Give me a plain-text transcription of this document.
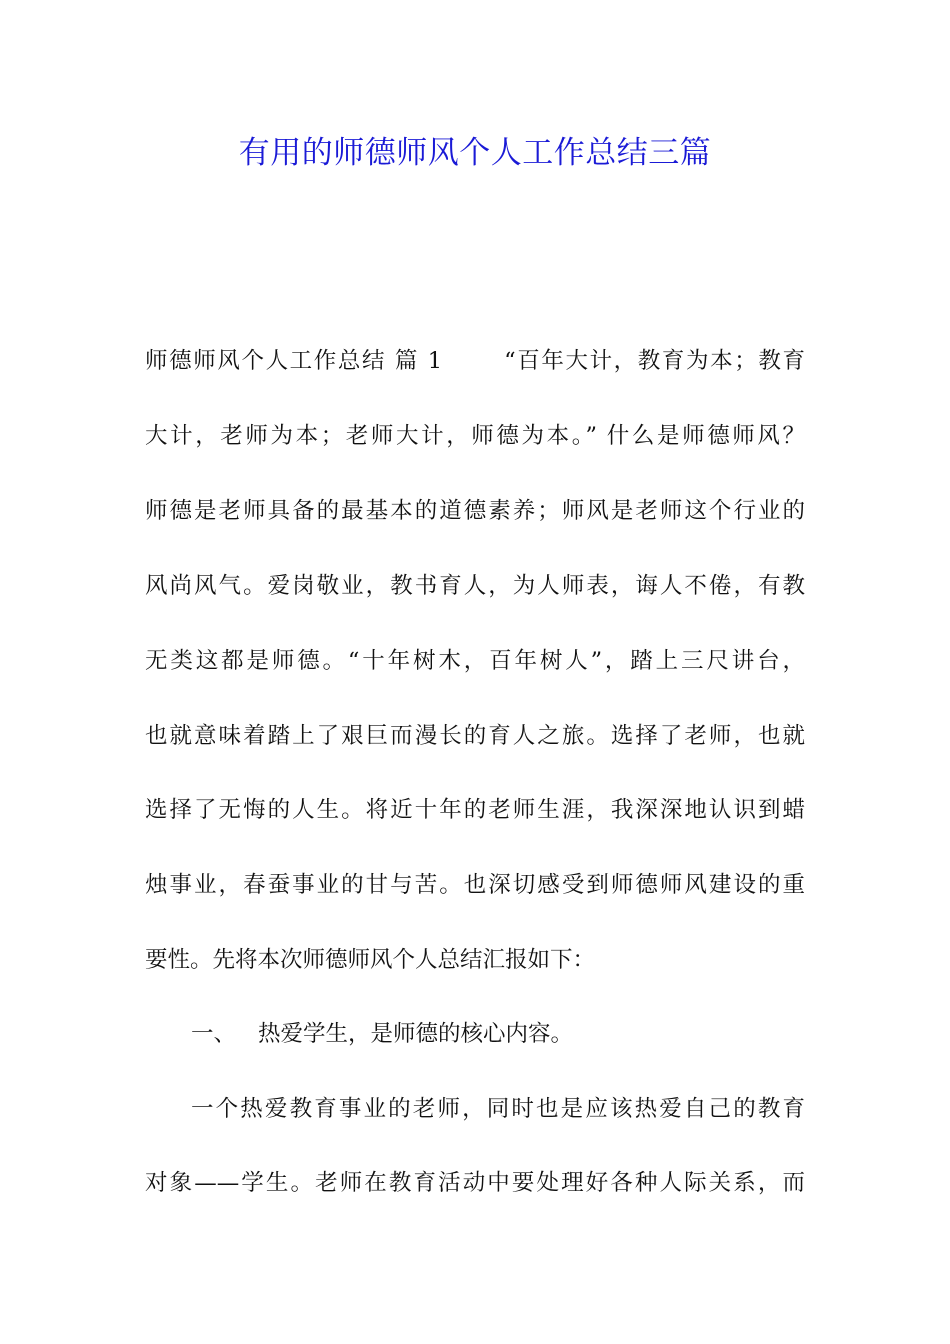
有用的师德师风个人工作总结三篇
师德师风个人工作总结 篇 1	“百年大计，教育为本；教育
大计，老师为本；老师大计，师德为本。” 什么是师德师风？
师德是老师具备的最基本的道德素养；师风是老师这个行业的
风尚风气。爱岗敬业，教书育人，为人师表，诲人不倦，有教
无类这都是师德。“十年树木，百年树人”，踏上三尺讲台，
也就意味着踏上了艰巨而漫长的育人之旅。选择了老师，也就
选择了无悔的人生。将近十年的老师生涯，我深深地认识到蜡
烛事业，春蚕事业的甘与苦。也深切感受到师德师风建设的重
要性。先将本次师德师风个人总结汇报如下：
一、 热爱学生，是师德的核心内容。
一个热爱教育事业的老师，同时也是应该热爱自己的教育
对象——学生。老师在教育活动中要处理好各种人际关系，而
